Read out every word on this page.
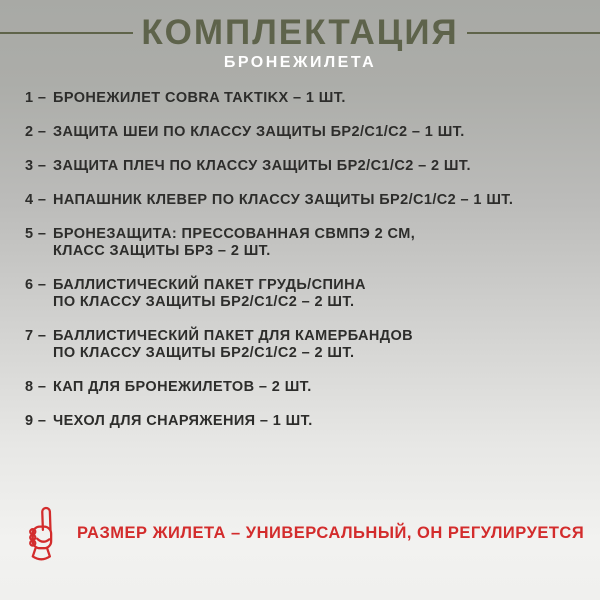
КОМПЛЕКТАЦИЯ
БРОНЕЖИЛЕТА
1 – БРОНЕЖИЛЕТ COBRA TAKTIKX – 1 ШТ.
2 – ЗАЩИТА ШЕИ ПО КЛАССУ ЗАЩИТЫ БР2/С1/С2 – 1 ШТ.
3 – ЗАЩИТА ПЛЕЧ ПО КЛАССУ ЗАЩИТЫ БР2/С1/С2 – 2 ШТ.
4 – НАПАШНИК КЛЕВЕР ПО КЛАССУ ЗАЩИТЫ БР2/С1/С2 – 1 ШТ.
5 – БРОНЕЗАЩИТА: ПРЕССОВАННАЯ СВМПЭ 2 СМ,
КЛАСС ЗАЩИТЫ БР3 – 2 ШТ.
6 – БАЛЛИСТИЧЕСКИЙ ПАКЕТ ГРУДЬ/СПИНА
ПО КЛАССУ ЗАЩИТЫ БР2/С1/С2 – 2 ШТ.
7 – БАЛЛИСТИЧЕСКИЙ ПАКЕТ ДЛЯ КАМЕРБАНДОВ
ПО КЛАССУ ЗАЩИТЫ БР2/С1/С2 – 2 ШТ.
8 – КАП ДЛЯ БРОНЕЖИЛЕТОВ – 2 ШТ.
9 – ЧЕХОЛ ДЛЯ СНАРЯЖЕНИЯ – 1 ШТ.

РАЗМЕР ЖИЛЕТА – УНИВЕРСАЛЬНЫЙ, ОН РЕГУЛИРУЕТСЯ
